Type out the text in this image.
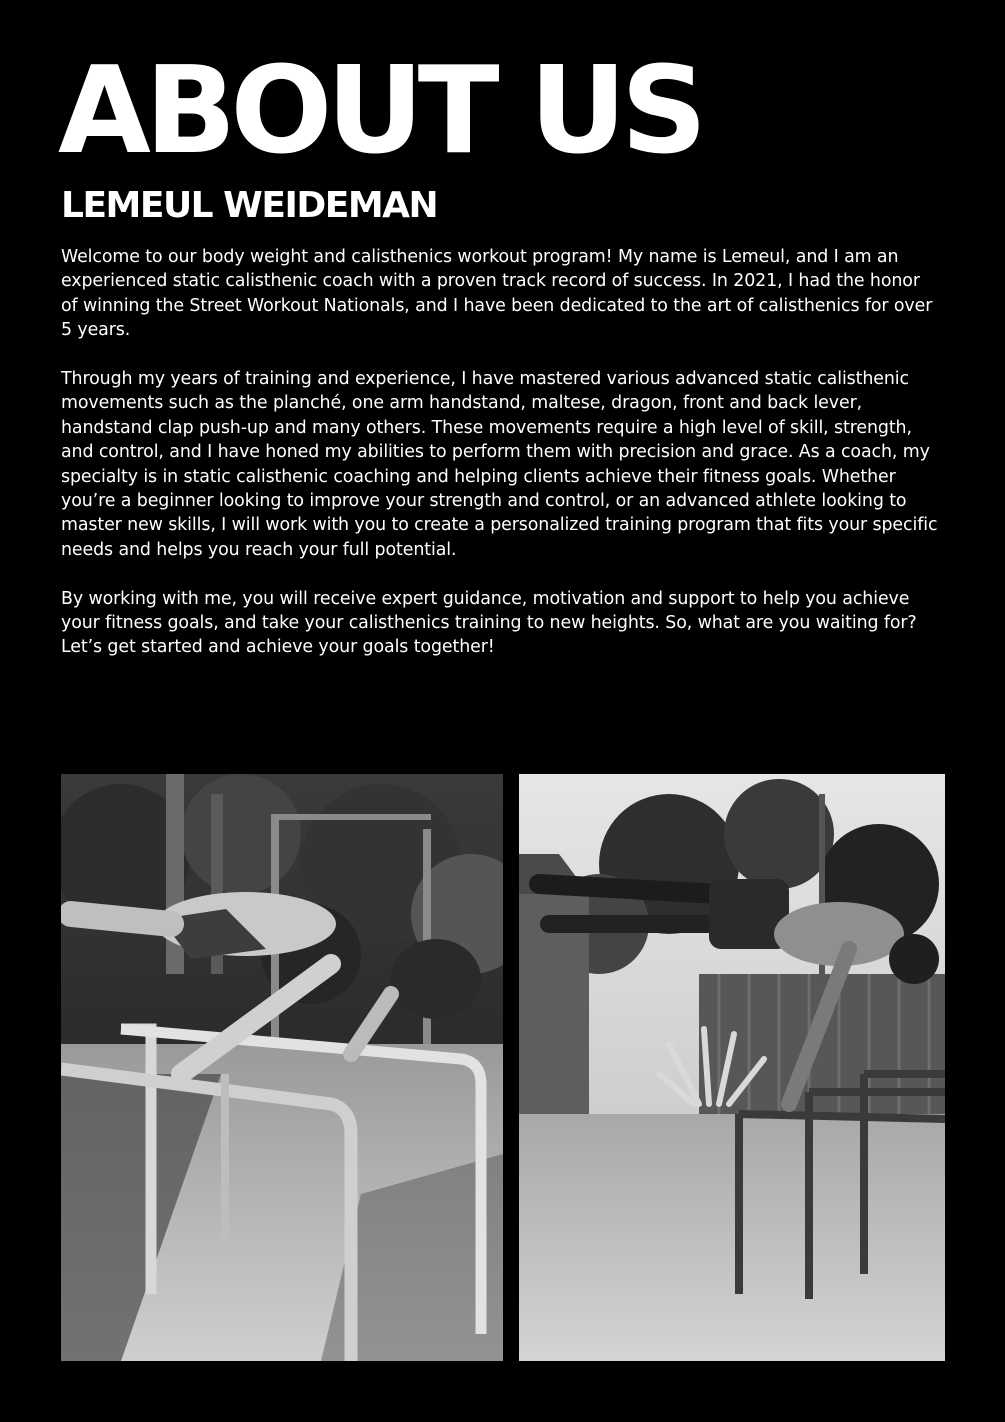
ABOUT US
LEMEUL WEIDEMAN

Welcome to our body weight and calisthenics workout program! My name is Lemeul, and I am an experienced static calisthenic coach with a proven track record of success. In 2021, I had the honor of winning the Street Workout Nationals, and I have been dedicated to the art of calisthenics for over 5 years.

Through my years of training and experience, I have mastered various advanced static calisthenic movements such as the planché, one arm handstand, maltese, dragon, front and back lever, handstand clap push-up and many others. These movements require a high level of skill, strength, and control, and I have honed my abilities to perform them with precision and grace. As a coach, my specialty is in static calisthenic coaching and helping clients achieve their fitness goals. Whether you’re a beginner looking to improve your strength and control, or an advanced athlete looking to master new skills, I will work with you to create a personalized training program that fits your specific needs and helps you reach your full potential.

By working with me, you will receive expert guidance, motivation and support to help you achieve your fitness goals, and take your calisthenics training to new heights. So, what are you waiting for? Let’s get started and achieve your goals together!
